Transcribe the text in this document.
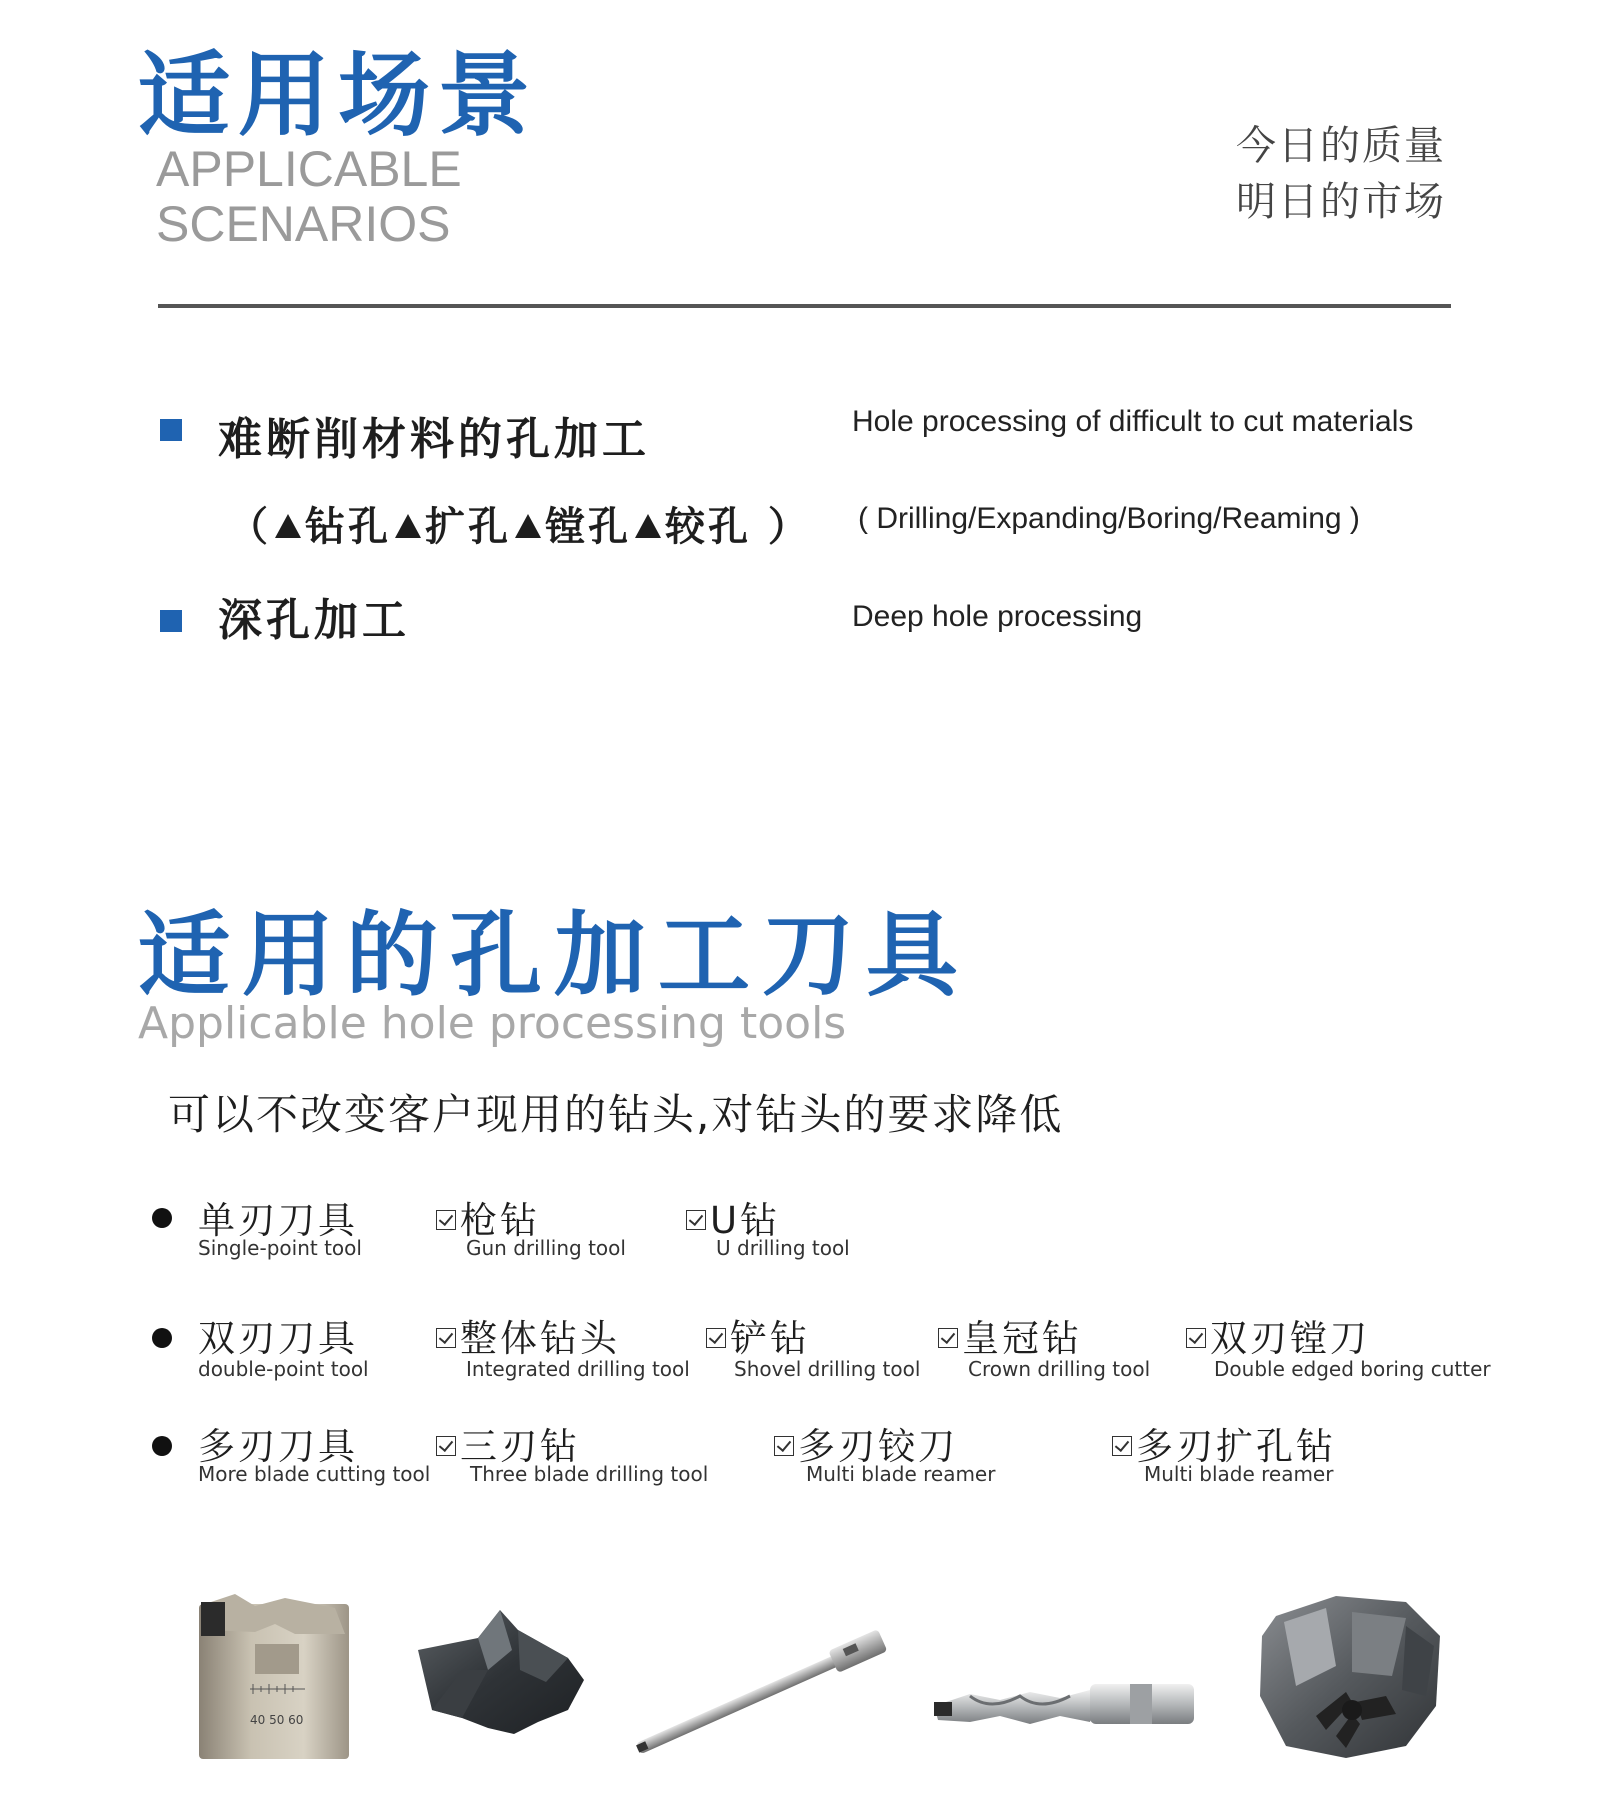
适用场景
APPLICABLE
SCENARIOS
今日的质量
明日的市场
难断削材料的孔加工	Hole processing of difficult to cut materials
（ 钻孔 扩孔 镗孔 较孔 ） ( Drilling/Expanding/Boring/Reaming )
深孔加工	Deep hole processing
适用的孔加工刀具
Applicable hole processing tools
可以不改变客户现用的钻头,对钻头的要求降低
单刃刀具
Single-point tool
枪钻
Gun drilling tool
U钻
U drilling tool
双刃刀具
double-point tool
整体钻头
Integrated drilling tool
铲钻
Shovel drilling tool
皇冠钻
Crown drilling tool
双刃镗刀
Double edged boring cutter
多刃刀具
More blade cutting tool
三刃钻
Three blade drilling tool
多刃铰刀
Multi blade reamer
多刃扩孔钻
Multi blade reamer
40 50 60
